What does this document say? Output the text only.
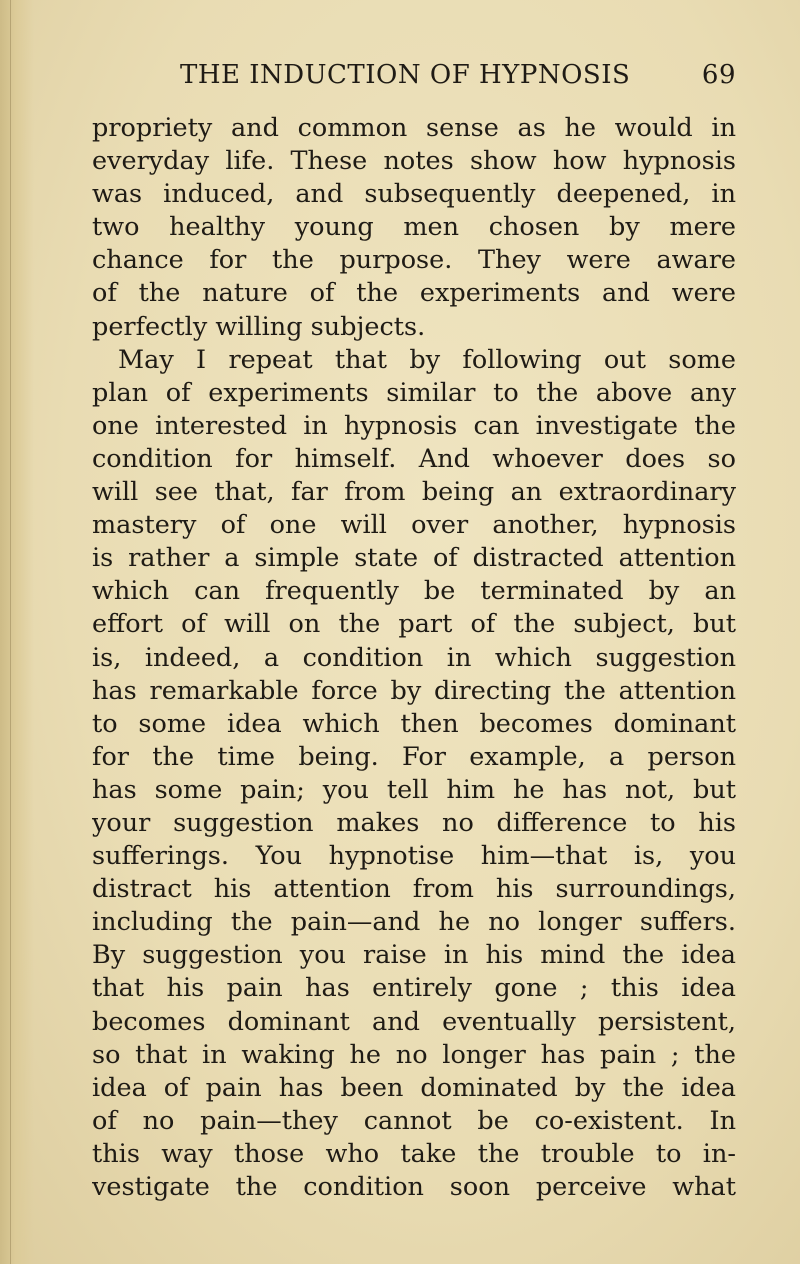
THE INDUCTION OF HYPNOSIS	69
propriety and common sense as he would in
everyday life. These notes show how hypnosis
was induced, and subsequently deepened, in
two healthy young men chosen by mere
chance for the purpose. They were aware
of the nature of the experiments and were
perfectly willing subjects.
May I repeat that by following out some
plan of experiments similar to the above any
one interested in hypnosis can investigate the
condition for himself. And whoever does so
will see that, far from being an extraordinary
mastery of one will over another, hypnosis
is rather a simple state of distracted attention
which can frequently be terminated by an
effort of will on the part of the subject, but
is, indeed, a condition in which suggestion
has remarkable force by directing the attention
to some idea which then becomes dominant
for the time being. For example, a person
has some pain; you tell him he has not, but
your suggestion makes no difference to his
sufferings. You hypnotise him—that is, you
distract his attention from his surroundings,
including the pain—and he no longer suffers.
By suggestion you raise in his mind the idea
that his pain has entirely gone ; this idea
becomes dominant and eventually persistent,
so that in waking he no longer has pain ; the
idea of pain has been dominated by the idea
of no pain—they cannot be co-existent. In
this way those who take the trouble to in-
vestigate the condition soon perceive what
